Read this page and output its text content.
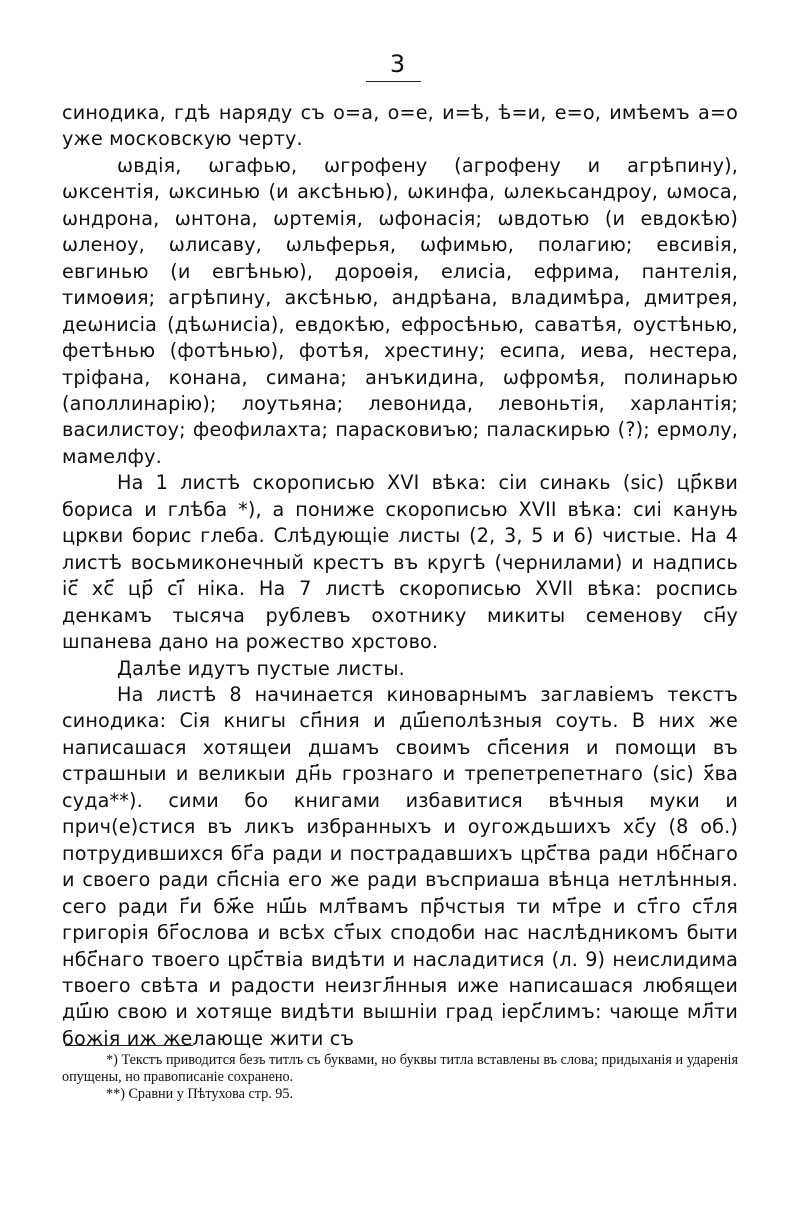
3

синодика, гдѣ наряду съ о=а, о=е, и=ѣ, ѣ=и, е=о, имѣемъ а=о уже московскую черту.

ѡвдія, ѡгафью, ѡгрофену (агрофену и агрѣпину), ѡксентія, ѡксинью (и аксѣнью), ѡкинфа, ѡлекьсандроу, ѡмоса, ѡндрона, ѡнтона, ѡртемія, ѡфонасія; ѡвдотью (и евдокѣю) ѡленоу, ѡлисаву, ѡльферья, ѡфимью, полагию; евсивія, евгинью (и евгѣнью), дороѳія, елисіа, ефрима, пантелія, тимоѳия; агрѣпину, аксѣнью, андрѣана, владимѣра, дмитрея, деѡнисіа (дѣѡнисіа), евдокѣю, ефросѣнью, саватѣя, оустѣнью, фетѣнью (фотѣнью), фотѣя, хрестину; есипа, иева, нестера, тріфана, конана, симана; анъкидина, ѡфромѣя, полинарью (аполлинарію); лоутьяна; левонида, левоньтія, харлантія; василистоу; феофилахта; парасковиъю; паласкирью (?); ермолу, мамелфу.

На 1 листѣ скорописью XVI вѣка: сіи синакь (sic) цр҃кви бориса и глѣба *), а пониже скорописью XVII вѣка: сиі кануњ цркви борис глеба. Слѣдующіе листы (2, 3, 5 и 6) чистые. На 4 листѣ восьмиконечный крестъ въ кругѣ (чернилами) и надпись іс҃ хс҃ цр҃ сі҃ ніка. На 7 листѣ скорописью XVII вѣка: роспись денкамъ тысяча рублевъ охотнику микиты семенову сн҃у шпанева дано на рожество хрстово.

Далѣе идутъ пустые листы.

На листѣ 8 начинается киноварнымъ заглавіемъ текстъ синодика: Сія книгы сп҃ния и дш҃еполѣзныя соуть. В них же написашася хотящеи дшамъ своимъ сп҃сения и помощи въ страшныи и великыи дн҃ь грознаго и трепетрепетнаго (sic) х҃ва суда**). сими бо книгами избавитися вѣчныя муки и прич(е)стися въ ликъ избранныхъ и оугождьшихъ хс҃у (8 об.) потрудившихся бг҃а ради и пострадавшихъ црс҃тва ради нбс҃наго и своего ради сп҃сніа его же ради въсприаша вѣнца нетлѣнныя. сего ради г҃и бж҃е нш҃ь млт҃вамъ пр҃чстыя ти мт҃ре и ст҃го ст҃ля григорія бг҃ослова и всѣх ст҃ых сподоби нас наслѣдникомъ быти нбс҃наго твоего црс҃твіа видѣти и насладитися (л. 9) неислидима твоего свѣта и радости неизгл҃нныя иже написашася любящеи дш҃ю свою и хотяще видѣти вышніи град іерс҃лимъ: чающе мл҃ти божія иж желающе жити съ

*) Текстъ приводится безъ титлъ съ буквами, но буквы титла вставлены въ слова; придыханія и ударенія опущены, но правописаніе сохранено.

**) Сравни у Пѣтухова стр. 95.
